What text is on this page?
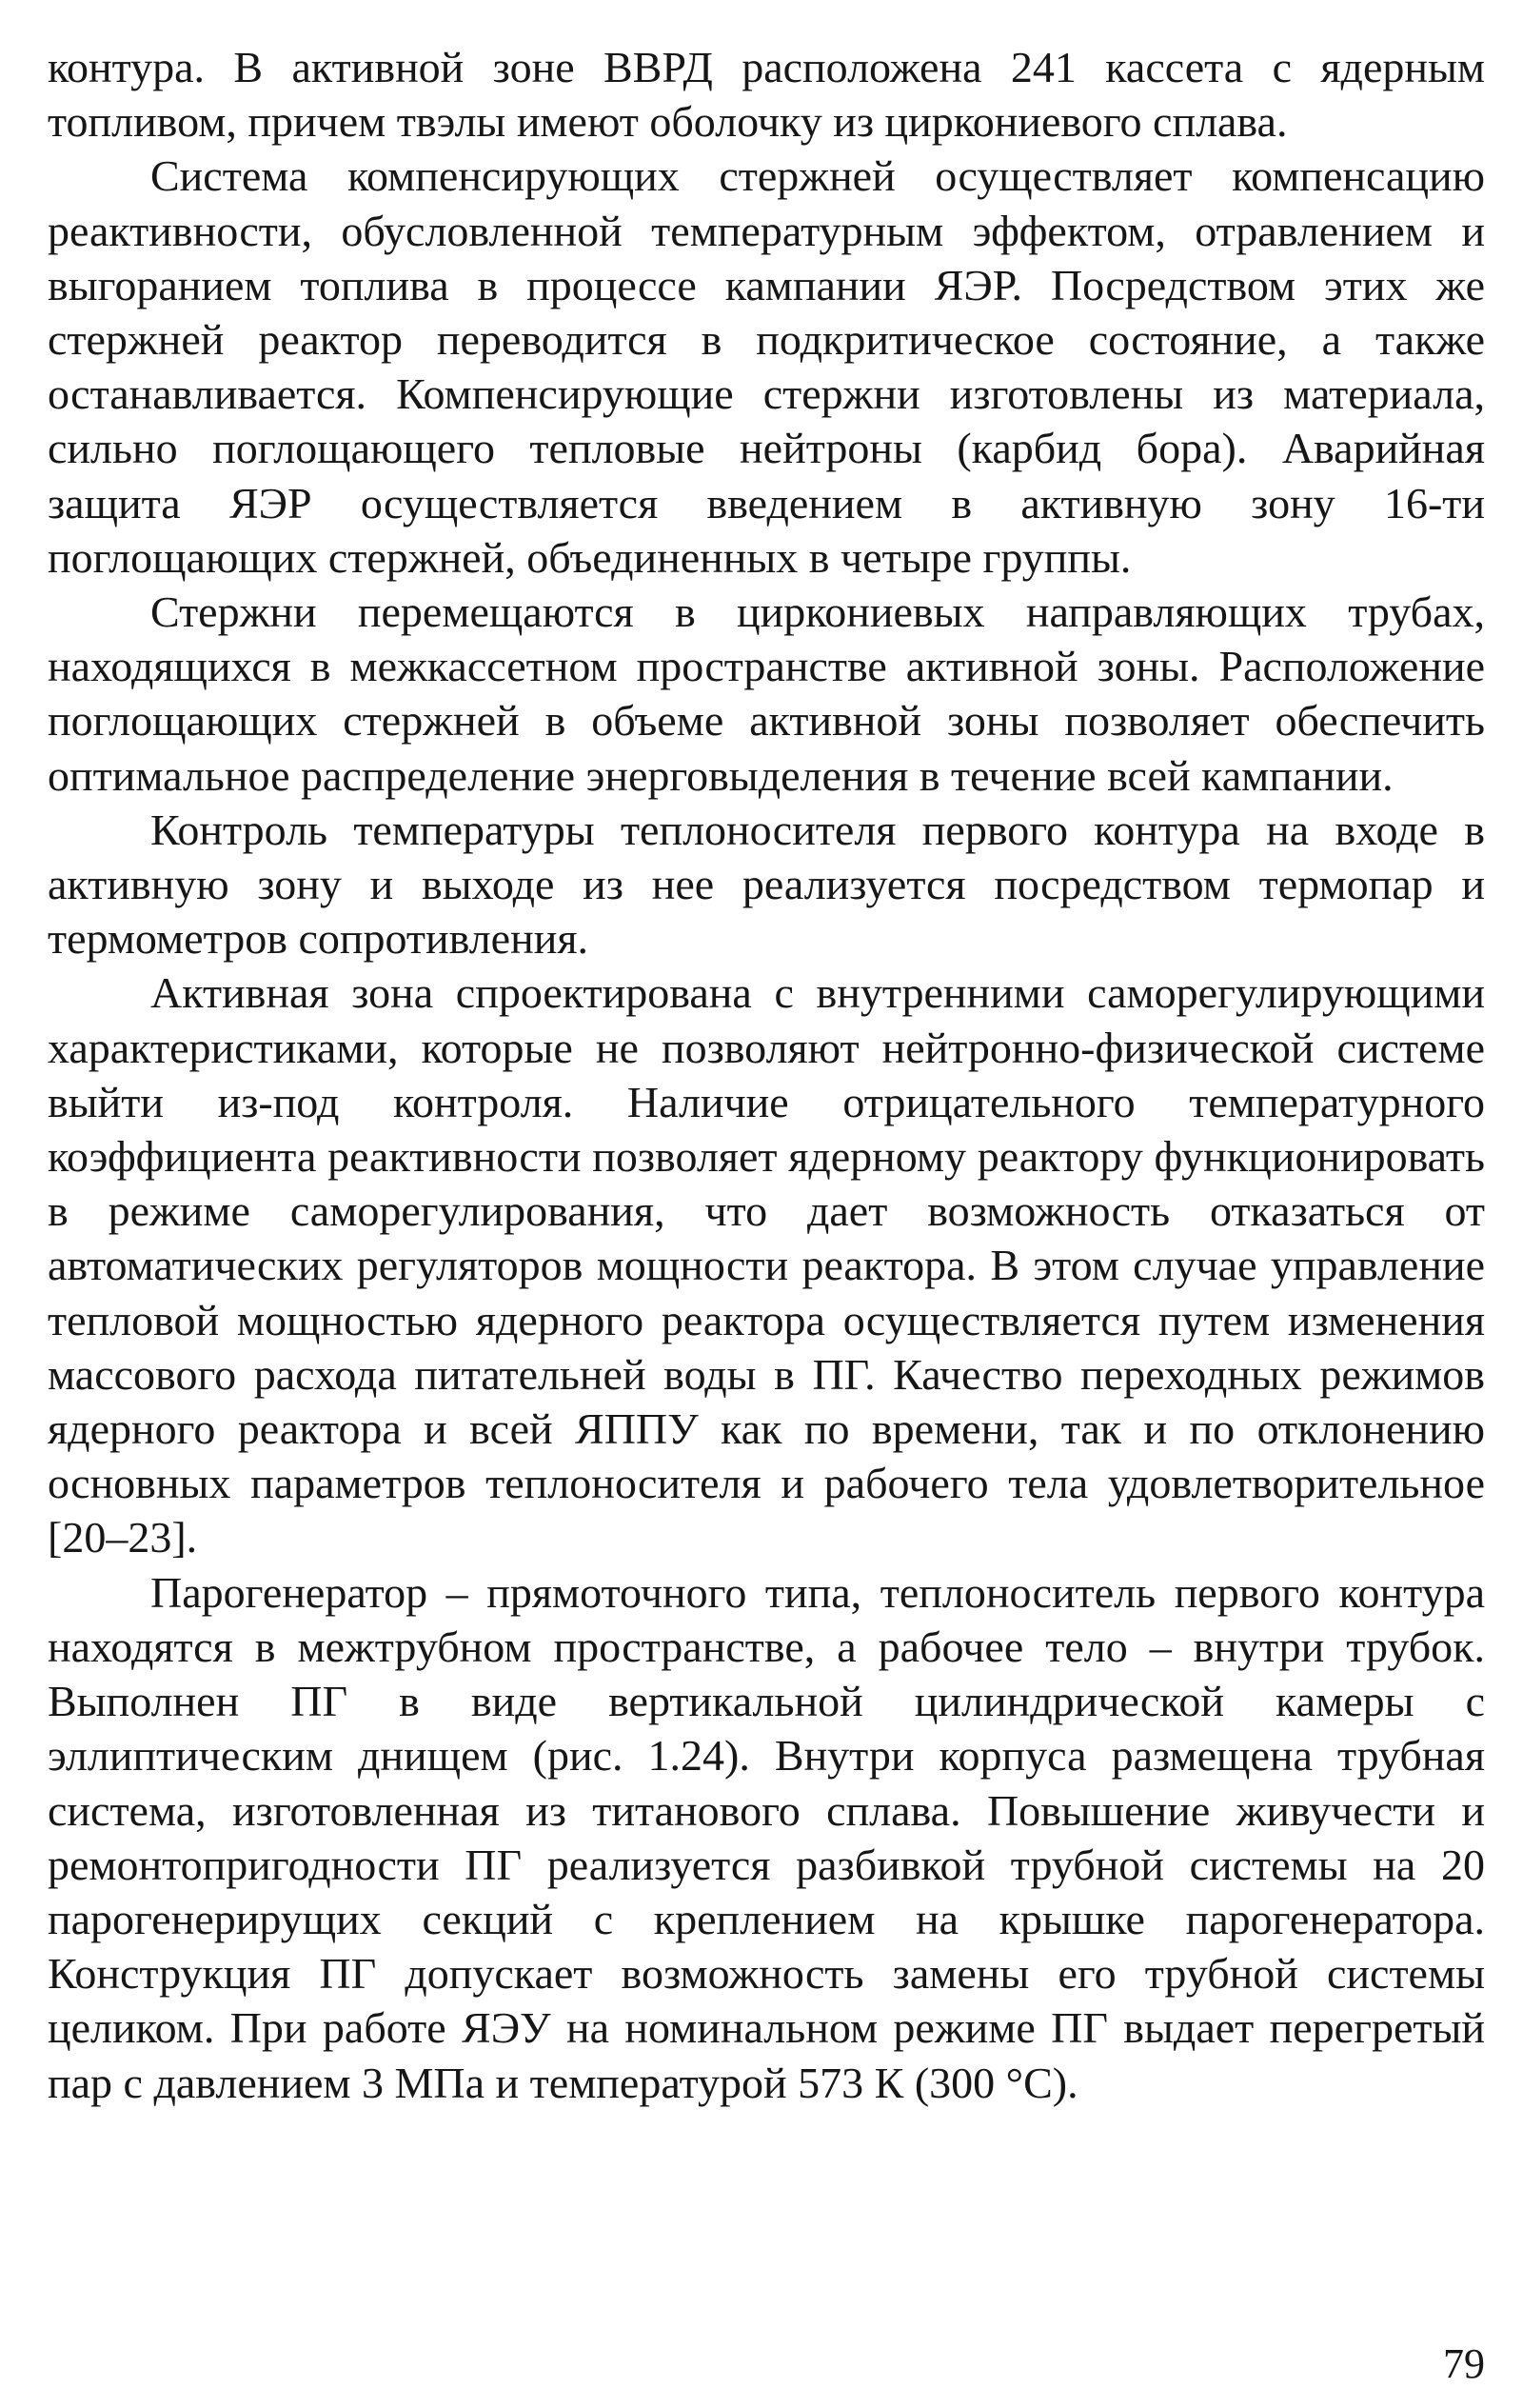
контура. В активной зоне ВВРД расположена 241 кассета с ядерным топливом, причем твэлы имеют оболочку из циркониевого сплава.

Система компенсирующих стержней осуществляет компенсацию реактивности, обусловленной температурным эффектом, отравлением и выгоранием топлива в процессе кампании ЯЭР. Посредством этих же стержней реактор переводится в подкритическое состояние, а также останавливается. Компенсирующие стержни изготовлены из материала, сильно поглощающего тепловые нейтроны (карбид бора). Аварийная защита ЯЭР осуществляется введением в активную зону 16-ти поглощающих стержней, объединенных в четыре группы.

Стержни перемещаются в циркониевых направляющих трубах, находящихся в межкассетном пространстве активной зоны. Расположение поглощающих стержней в объеме активной зоны позволяет обеспечить оптимальное распределение энерговыделения в течение всей кампании.

Контроль температуры теплоносителя первого контура на входе в активную зону и выходе из нее реализуется посредством термопар и термометров сопротивления.

Активная зона спроектирована с внутренними саморегулирующими характеристиками, которые не позволяют нейтронно-физической системе выйти из-под контроля. Наличие отрицательного температурного коэффициента реактивности позволяет ядерному реактору функционировать в режиме саморегулирования, что дает возможность отказаться от автоматических регуляторов мощности реактора. В этом случае управление тепловой мощностью ядерного реактора осуществляется путем изменения массового расхода питательней воды в ПГ. Качество переходных режимов ядерного реактора и всей ЯППУ как по времени, так и по отклонению основных параметров теплоносителя и рабочего тела удовлетворительное [20–23].

Парогенератор – прямоточного типа, теплоноситель первого контура находятся в межтрубном пространстве, а рабочее тело – внутри трубок. Выполнен ПГ в виде вертикальной цилиндрической камеры с эллиптическим днищем (рис. 1.24). Внутри корпуса размещена трубная система, изготовленная из титанового сплава. Повышение живучести и ремонтопригодности ПГ реализуется разбивкой трубной системы на 20 парогенерирущих секций с креплением на крышке парогенератора. Конструкция ПГ допускает возможность замены его трубной системы целиком. При работе ЯЭУ на номинальном режиме ПГ выдает перегретый пар с давлением 3 МПа и температурой 573 К (300 °С).

79
